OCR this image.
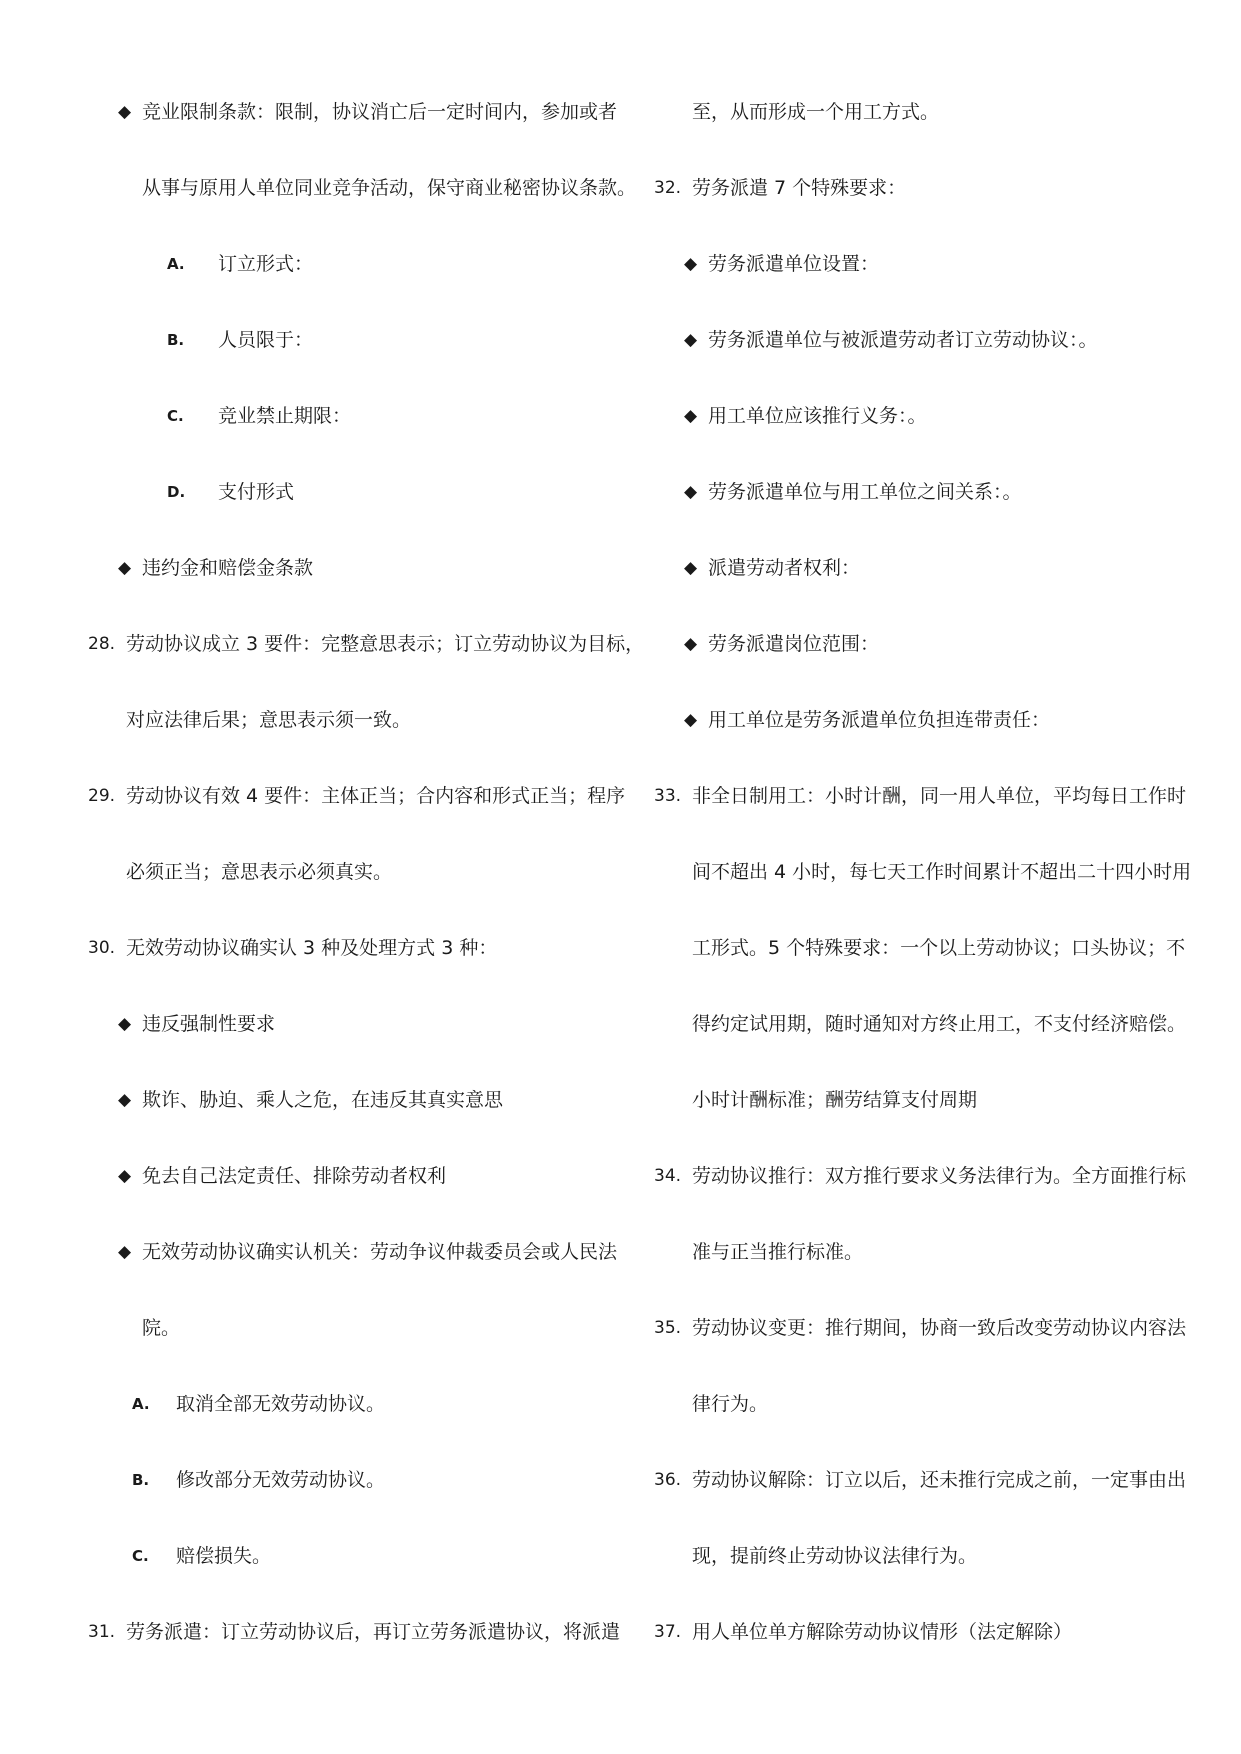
◆ 竞业限制条款：限制，协议消亡后一定时间内，参加或者
从事与原用人单位同业竞争活动，保守商业秘密协议条款。
A. 订立形式：
B. 人员限于：
C. 竞业禁止期限：
D. 支付形式
◆ 违约金和赔偿金条款
28. 劳动协议成立 3 要件：完整意思表示；订立劳动协议为目标，
对应法律后果；意思表示须一致。
29. 劳动协议有效 4 要件：主体正当；合内容和形式正当；程序
必须正当；意思表示必须真实。
30. 无效劳动协议确实认 3 种及处理方式 3 种：
◆ 违反强制性要求
◆ 欺诈、胁迫、乘人之危，在违反其真实意思
◆ 免去自己法定责任、排除劳动者权利
◆ 无效劳动协议确实认机关：劳动争议仲裁委员会或人民法
院。
A. 取消全部无效劳动协议。
B. 修改部分无效劳动协议。
C. 赔偿损失。
31. 劳务派遣：订立劳动协议后，再订立劳务派遣协议，将派遣
至，从而形成一个用工方式。
32. 劳务派遣 7 个特殊要求：
◆ 劳务派遣单位设置：
◆ 劳务派遣单位与被派遣劳动者订立劳动协议：。
◆ 用工单位应该推行义务：。
◆ 劳务派遣单位与用工单位之间关系：。
◆ 派遣劳动者权利：
◆ 劳务派遣岗位范围：
◆ 用工单位是劳务派遣单位负担连带责任：
33. 非全日制用工：小时计酬，同一用人单位，平均每日工作时
间不超出 4 小时，每七天工作时间累计不超出二十四小时用
工形式。5 个特殊要求：一个以上劳动协议；口头协议；不
得约定试用期，随时通知对方终止用工，不支付经济赔偿。
小时计酬标准；酬劳结算支付周期
34. 劳动协议推行：双方推行要求义务法律行为。全方面推行标
准与正当推行标准。
35. 劳动协议变更：推行期间，协商一致后改变劳动协议内容法
律行为。
36. 劳动协议解除：订立以后，还未推行完成之前，一定事由出
现，提前终止劳动协议法律行为。
37. 用人单位单方解除劳动协议情形（法定解除）
